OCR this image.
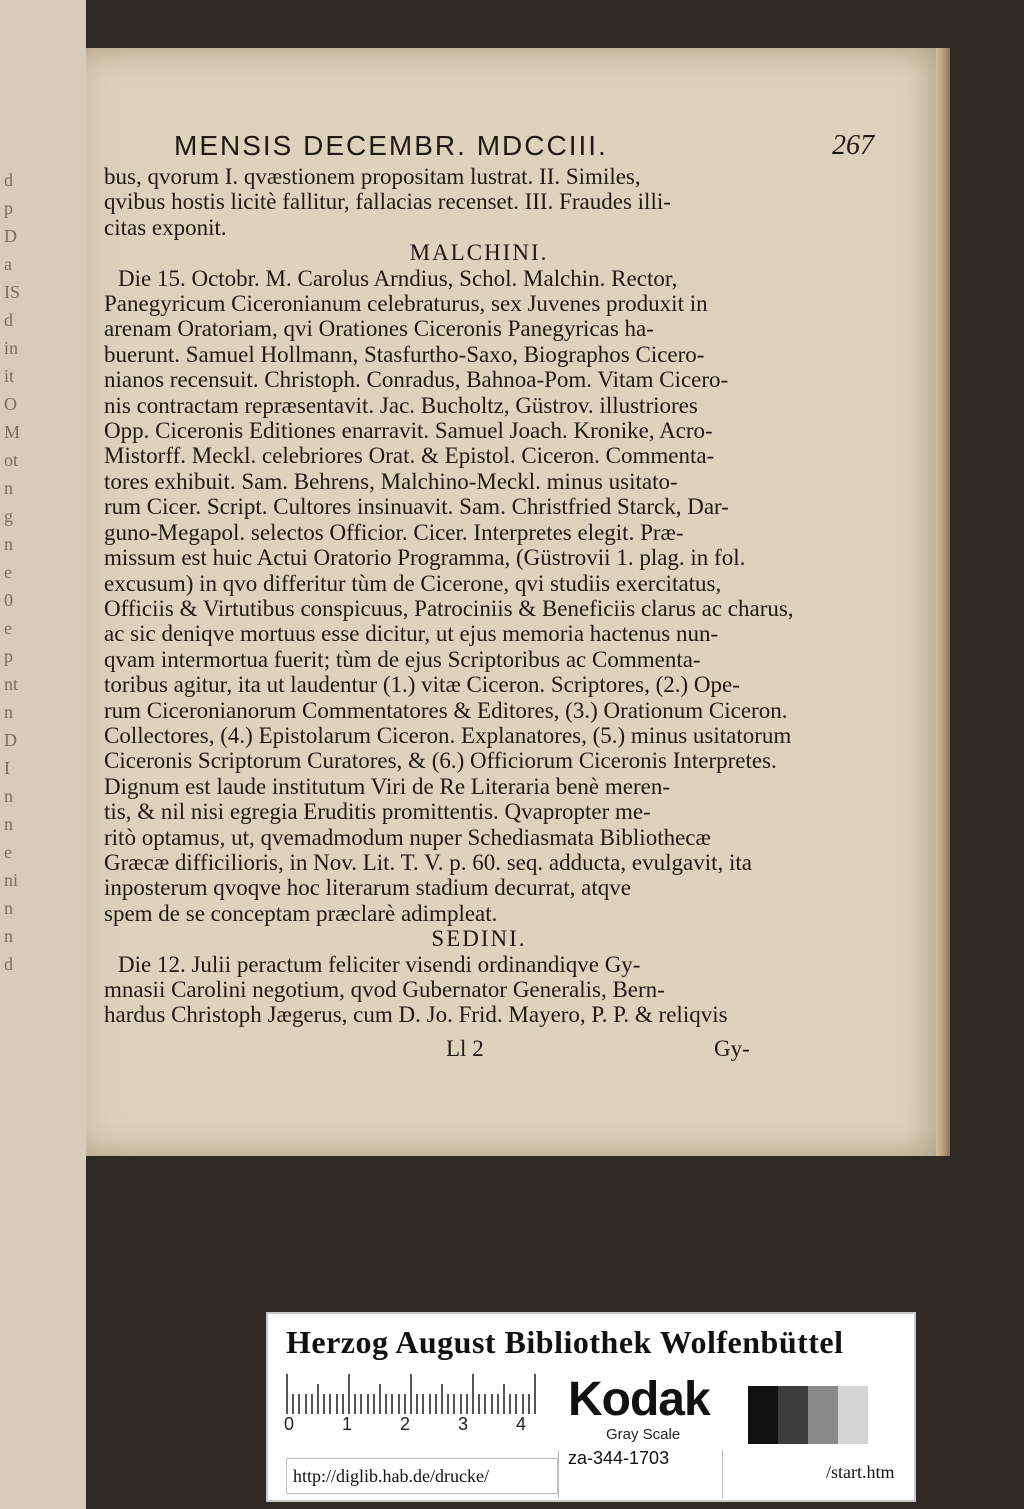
d
p
D
a
IS
d
in
it
O
M
ot
n
g
n
e
0
e
p
nt
n
D
I
n
n
e
ni
n
n
d
MENSIS DECEMBR. MDCCIII.	267
bus, qvorum I. qvæstionem propositam lustrat. II. Similes,
qvibus hostis licitè fallitur, fallacias recenset. III. Fraudes illi-
citas exponit.
MALCHINI.
Die 15. Octobr. M. Carolus Arndius, Schol. Malchin. Rector,
Panegyricum Ciceronianum celebraturus, sex Juvenes produxit in
arenam Oratoriam, qvi Orationes Ciceronis Panegyricas ha-
buerunt. Samuel Hollmann, Stasfurtho-Saxo, Biographos Cicero-
nianos recensuit. Christoph. Conradus, Bahnoa-Pom. Vitam Cicero-
nis contractam repræsentavit. Jac. Bucholtz, Güstrov. illustriores
Opp. Ciceronis Editiones enarravit. Samuel Joach. Kronike, Acro-
Mistorff. Meckl. celebriores Orat. & Epistol. Ciceron. Commenta-
tores exhibuit. Sam. Behrens, Malchino-Meckl. minus usitato-
rum Cicer. Script. Cultores insinuavit. Sam. Christfried Starck, Dar-
guno-Megapol. selectos Officior. Cicer. Interpretes elegit. Præ-
missum est huic Actui Oratorio Programma, (Güstrovii 1. plag. in fol.
excusum) in qvo differitur tùm de Cicerone, qvi studiis exercitatus,
Officiis & Virtutibus conspicuus, Patrociniis & Beneficiis clarus ac charus,
ac sic deniqve mortuus esse dicitur, ut ejus memoria hactenus nun-
qvam intermortua fuerit; tùm de ejus Scriptoribus ac Commenta-
toribus agitur, ita ut laudentur (1.) vitæ Ciceron. Scriptores, (2.) Ope-
rum Ciceronianorum Commentatores & Editores, (3.) Orationum Ciceron.
Collectores, (4.) Epistolarum Ciceron. Explanatores, (5.) minus usitatorum
Ciceronis Scriptorum Curatores, & (6.) Officiorum Ciceronis Interpretes.
Dignum est laude institutum Viri de Re Literaria benè meren-
tis, & nil nisi egregia Eruditis promittentis. Qvapropter me-
ritò optamus, ut, qvemadmodum nuper Schediasmata Bibliothecæ
Græcæ difficilioris, in Nov. Lit. T. V. p. 60. seq. adducta, evulgavit, ita
inposterum qvoqve hoc literarum stadium decurrat, atqve
spem de se conceptam præclarè adimpleat.
SEDINI.
Die 12. Julii peractum feliciter visendi ordinandiqve Gy-
mnasii Carolini negotium, qvod Gubernator Generalis, Bern-
hardus Christoph Jægerus, cum D. Jo. Frid. Mayero, P. P. & reliqvis
Ll 2	Gy-
Herzog August Bibliothek Wolfenbüttel
0	1	2	3	4 Kodak
Gray Scale
http://diglib.hab.de/drucke/
za-344-1703
/start.htm
